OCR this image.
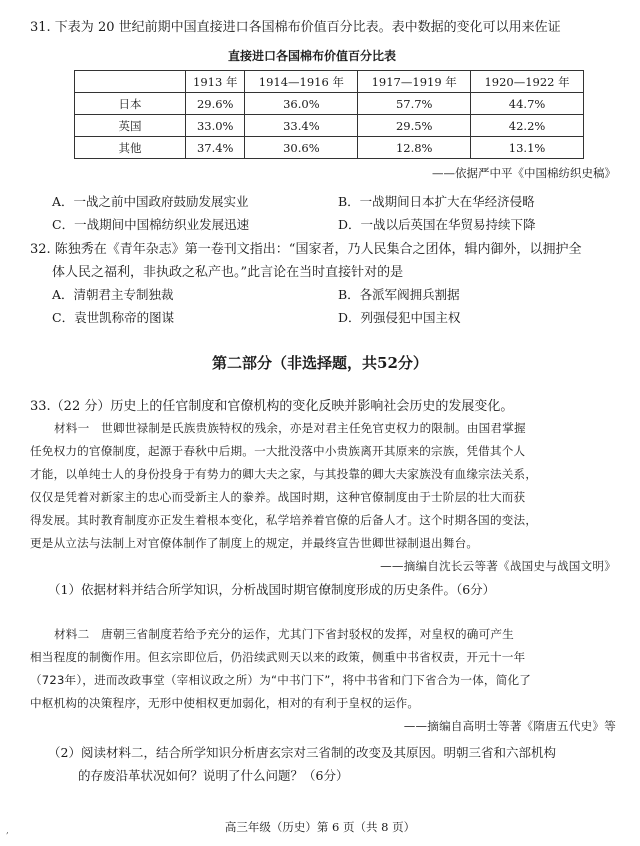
31. 下表为 20 世纪前期中国直接进口各国棉布价值百分比表。表中数据的变化可以用来佐证
直接进口各国棉布价值百分比表
	1913 年	1914—1916 年	1917—1919 年	1920—1922 年
日本	29.6%	36.0%	57.7%	44.7%
英国	33.0%	33.4%	29.5%	42.2%
其他	37.4%	30.6%	12.8%	13.1%
——依据严中平《中国棉纺织史稿》
A．一战之前中国政府鼓励发展实业	B．一战期间日本扩大在华经济侵略
C．一战期间中国棉纺织业发展迅速	D．一战以后英国在华贸易持续下降
32. 陈独秀在《青年杂志》第一卷刊文指出：“国家者，乃人民集合之团体，辑内御外，以拥护全
体人民之福利，非执政之私产也。”此言论在当时直接针对的是
A．清朝君主专制独裁	B．各派军阀拥兵割据
C．袁世凯称帝的图谋	D．列强侵犯中国主权
第二部分（非选择题，共52分）
33.（22 分）历史上的任官制度和官僚机构的变化反映并影响社会历史的发展变化。
材料一　世卿世禄制是氏族贵族特权的残余，亦是对君主任免官吏权力的限制。由国君掌握
任免权力的官僚制度，起源于春秋中后期。一大批没落中小贵族离开其原来的宗族，凭借其个人
才能，以单纯士人的身份投身于有势力的卿大夫之家，与其投靠的卿大夫家族没有血缘宗法关系，
仅仅是凭着对新家主的忠心而受新主人的豢养。战国时期，这种官僚制度由于士阶层的壮大而获
得发展。其时教育制度亦正发生着根本变化，私学培养着官僚的后备人才。这个时期各国的变法，
更是从立法与法制上对官僚体制作了制度上的规定，并最终宣告世卿世禄制退出舞台。
——摘编自沈长云等著《战国史与战国文明》
（1）依据材料并结合所学知识，分析战国时期官僚制度形成的历史条件。（6分）
材料二　唐朝三省制度若给予充分的运作，尤其门下省封驳权的发挥，对皇权的确可产生
相当程度的制衡作用。但玄宗即位后，仍沿续武则天以来的政策，侧重中书省权责，开元十一年
（723年），进而改政事堂（宰相议政之所）为“中书门下”，将中书省和门下省合为一体，简化了
中枢机构的决策程序，无形中使相权更加弱化，相对的有利于皇权的运作。
——摘编自高明士等著《隋唐五代史》等
（2）阅读材料二，结合所学知识分析唐玄宗对三省制的改变及其原因。明朝三省和六部机构
的存废沿革状况如何？说明了什么问题？（6分）
高三年级（历史）第 6 页（共 8 页）
,
